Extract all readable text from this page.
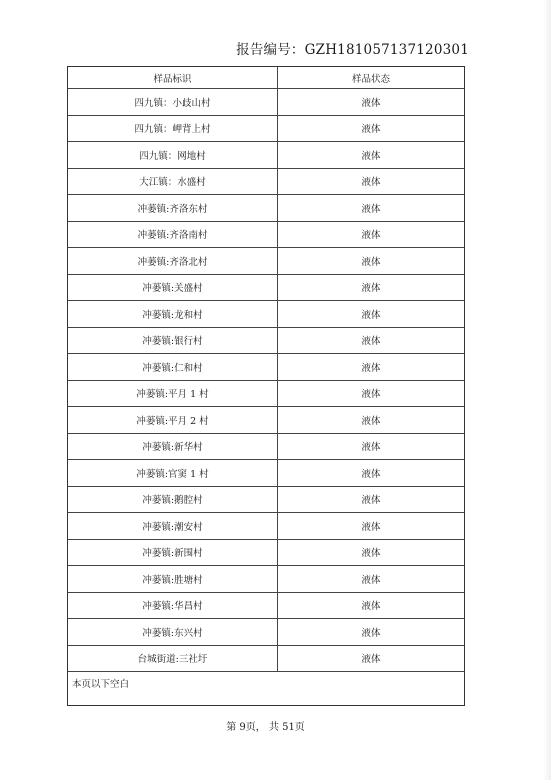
报告编号：GZH18105713712030​1
样品标识	样品状态
四九镇：小歧山村	液体
四九镇：岬背上村	液体
四九镇：网地村	液体
大江镇：水盛村	液体
冲蒌镇:齐洛东村	液体
冲蒌镇:齐洛南村	液体
冲蒌镇:齐洛北村	液体
冲蒌镇:关盛村	液体
冲蒌镇:龙和村	液体
冲蒌镇:银行村	液体
冲蒌镇:仁和村	液体
冲蒌镇:平月 1 村	液体
冲蒌镇:平月 2 村	液体
冲蒌镇:新华村	液体
冲蒌镇:官窦 1 村	液体
冲蒌镇:鹅腔村	液体
冲蒌镇:潮安村	液体
冲蒌镇:新围村	液体
冲蒌镇:胜塘村	液体
冲蒌镇:华昌村	液体
冲蒌镇:东兴村	液体
台城街道:三社圩	液体
本页以下空白
第 9页， 共 51页
